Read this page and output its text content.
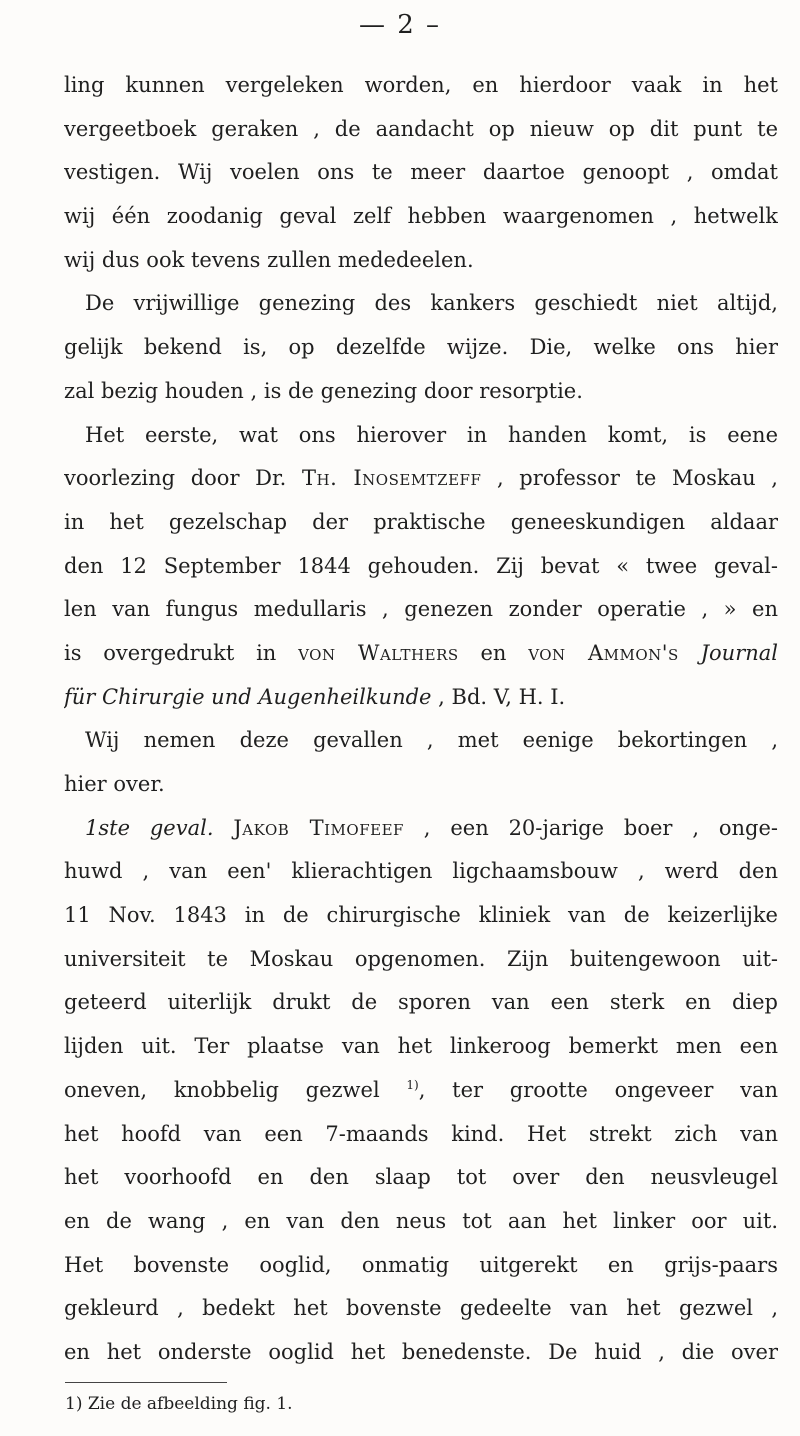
— 2 –
ling kunnen vergeleken worden, en hierdoor vaak in het
vergeetboek geraken , de aandacht op nieuw op dit punt te
vestigen. Wij voelen ons te meer daartoe genoopt , omdat
wij één zoodanig geval zelf hebben waargenomen , hetwelk
wij dus ook tevens zullen mededeelen.
De vrijwillige genezing des kankers geschiedt niet altijd,
gelijk bekend is, op dezelfde wijze. Die, welke ons hier
zal bezig houden , is de genezing door resorptie.
Het eerste, wat ons hierover in handen komt, is eene
voorlezing door Dr. Th. Inosemtzeff , professor te Moskau ,
in het gezelschap der praktische geneeskundigen aldaar
den 12 September 1844 gehouden. Zij bevat « twee geval-
len van fungus medullaris , genezen zonder operatie , » en
is overgedrukt in von Walthers en von Ammon's Journal
für Chirurgie und Augenheilkunde , Bd. V, H. I.
Wij nemen deze gevallen , met eenige bekortingen ,
hier over.
1ste geval. Jakob Timofeef , een 20-jarige boer , onge-
huwd , van een' klierachtigen ligchaamsbouw , werd den
11 Nov. 1843 in de chirurgische kliniek van de keizerlijke
universiteit te Moskau opgenomen. Zijn buitengewoon uit-
geteerd uiterlijk drukt de sporen van een sterk en diep
lijden uit. Ter plaatse van het linkeroog bemerkt men een
oneven, knobbelig gezwel $^{1)}$, ter grootte ongeveer van
het hoofd van een 7-maands kind. Het strekt zich van
het voorhoofd en den slaap tot over den neusvleugel
en de wang , en van den neus tot aan het linker oor uit.
Het bovenste ooglid, onmatig uitgerekt en grijs-paars
gekleurd , bedekt het bovenste gedeelte van het gezwel ,
en het onderste ooglid het benedenste. De huid , die over
1) Zie de afbeelding fig. 1.
